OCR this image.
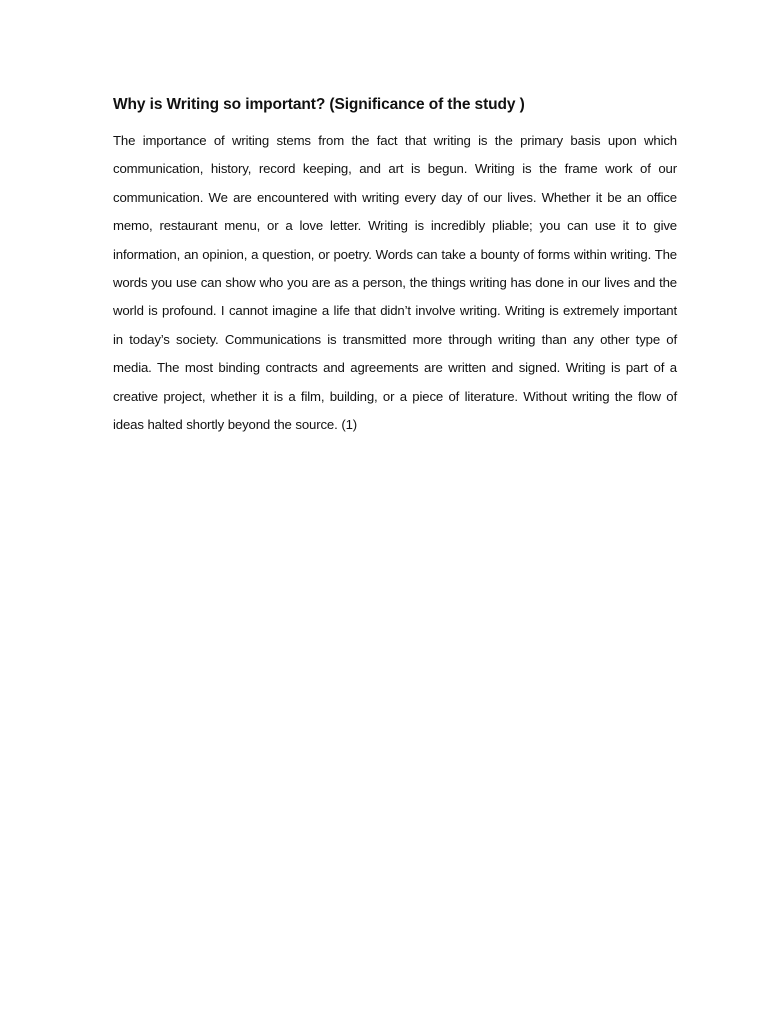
Why is Writing so important? (Significance of the study )

The importance of writing stems from the fact that writing is the primary basis upon which communication, history, record keeping, and art is begun. Writing is the frame work of our communication. We are encountered with writing every day of our lives. Whether it be an office memo, restaurant menu, or a love letter. Writing is incredibly pliable; you can use it to give information, an opinion, a question, or poetry. Words can take a bounty of forms within writing. The words you use can show who you are as a person, the things writing has done in our lives and the world is profound. I cannot imagine a life that didn’t involve writing. Writing is extremely important in today’s society. Communications is transmitted more through writing than any other type of media. The most binding contracts and agreements are written and signed. Writing is part of a creative project, whether it is a film, building, or a piece of literature. Without writing the flow of ideas halted shortly beyond the source. (1)
